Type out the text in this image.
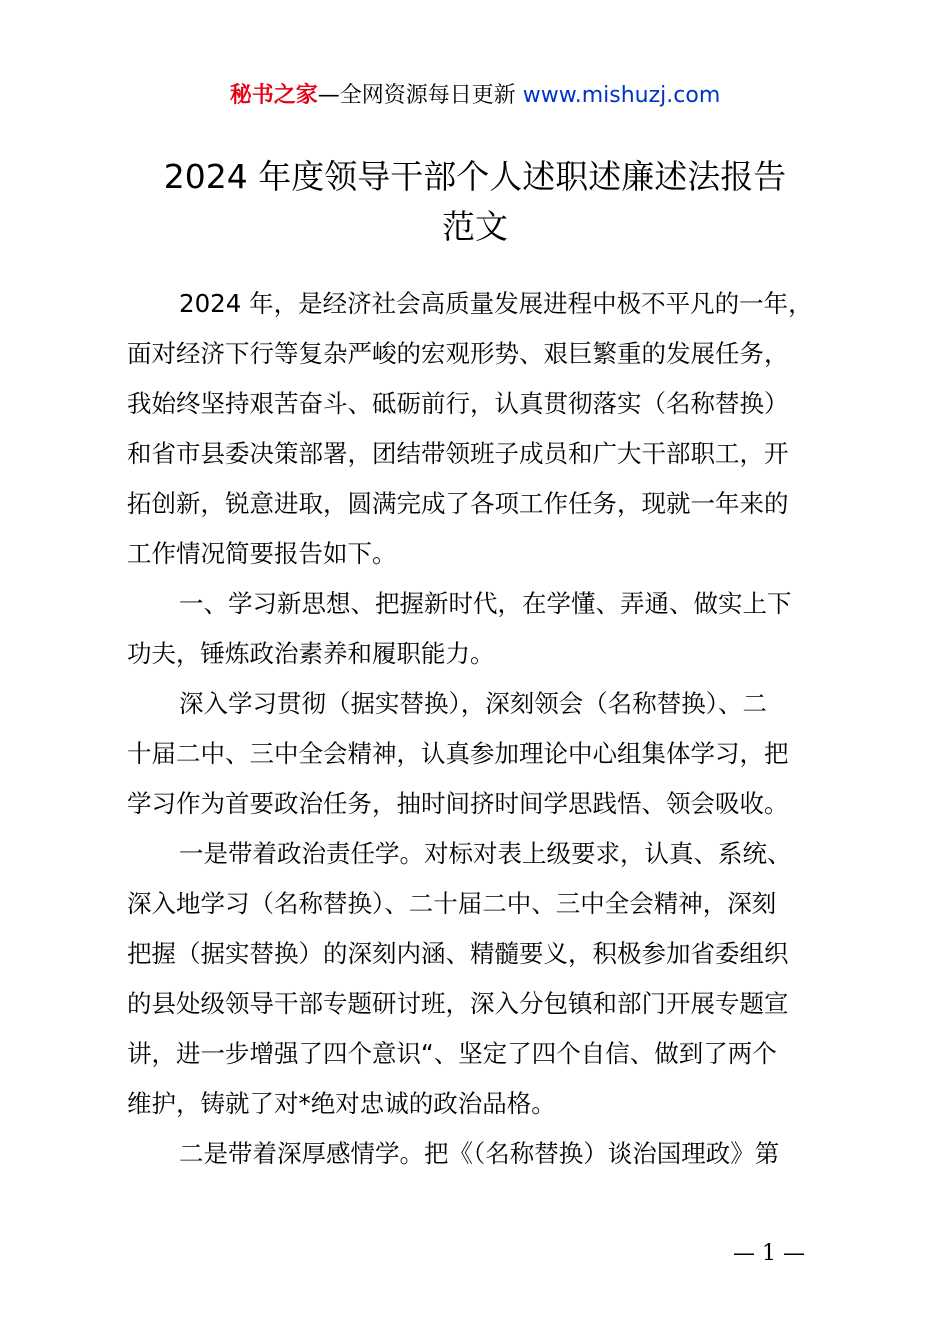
秘书之家—全网资源每日更新 www.mishuzj.com
2024 年度领导干部个人述职述廉述法报告
范文
2024 年，是经济社会高质量发展进程中极不平凡的一年，
面对经济下行等复杂严峻的宏观形势、艰巨繁重的发展任务，
我始终坚持艰苦奋斗、砥砺前行，认真贯彻落实（名称替换）
和省市县委决策部署，团结带领班子成员和广大干部职工，开
拓创新，锐意进取，圆满完成了各项工作任务，现就一年来的
工作情况简要报告如下。
一、学习新思想、把握新时代，在学懂、弄通、做实上下
功夫，锤炼政治素养和履职能力。
深入学习贯彻（据实替换），深刻领会（名称替换）、二
十届二中、三中全会精神，认真参加理论中心组集体学习，把
学习作为首要政治任务，抽时间挤时间学思践悟、领会吸收。
一是带着政治责任学。对标对表上级要求，认真、系统、
深入地学习（名称替换）、二十届二中、三中全会精神，深刻
把握（据实替换）的深刻内涵、精髓要义，积极参加省委组织
的县处级领导干部专题研讨班，深入分包镇和部门开展专题宣
讲，进一步增强了四个意识“、坚定了四个自信、做到了两个
维护，铸就了对*绝对忠诚的政治品格。
二是带着深厚感情学。把《（名称替换）谈治国理政》第
— 1 —
